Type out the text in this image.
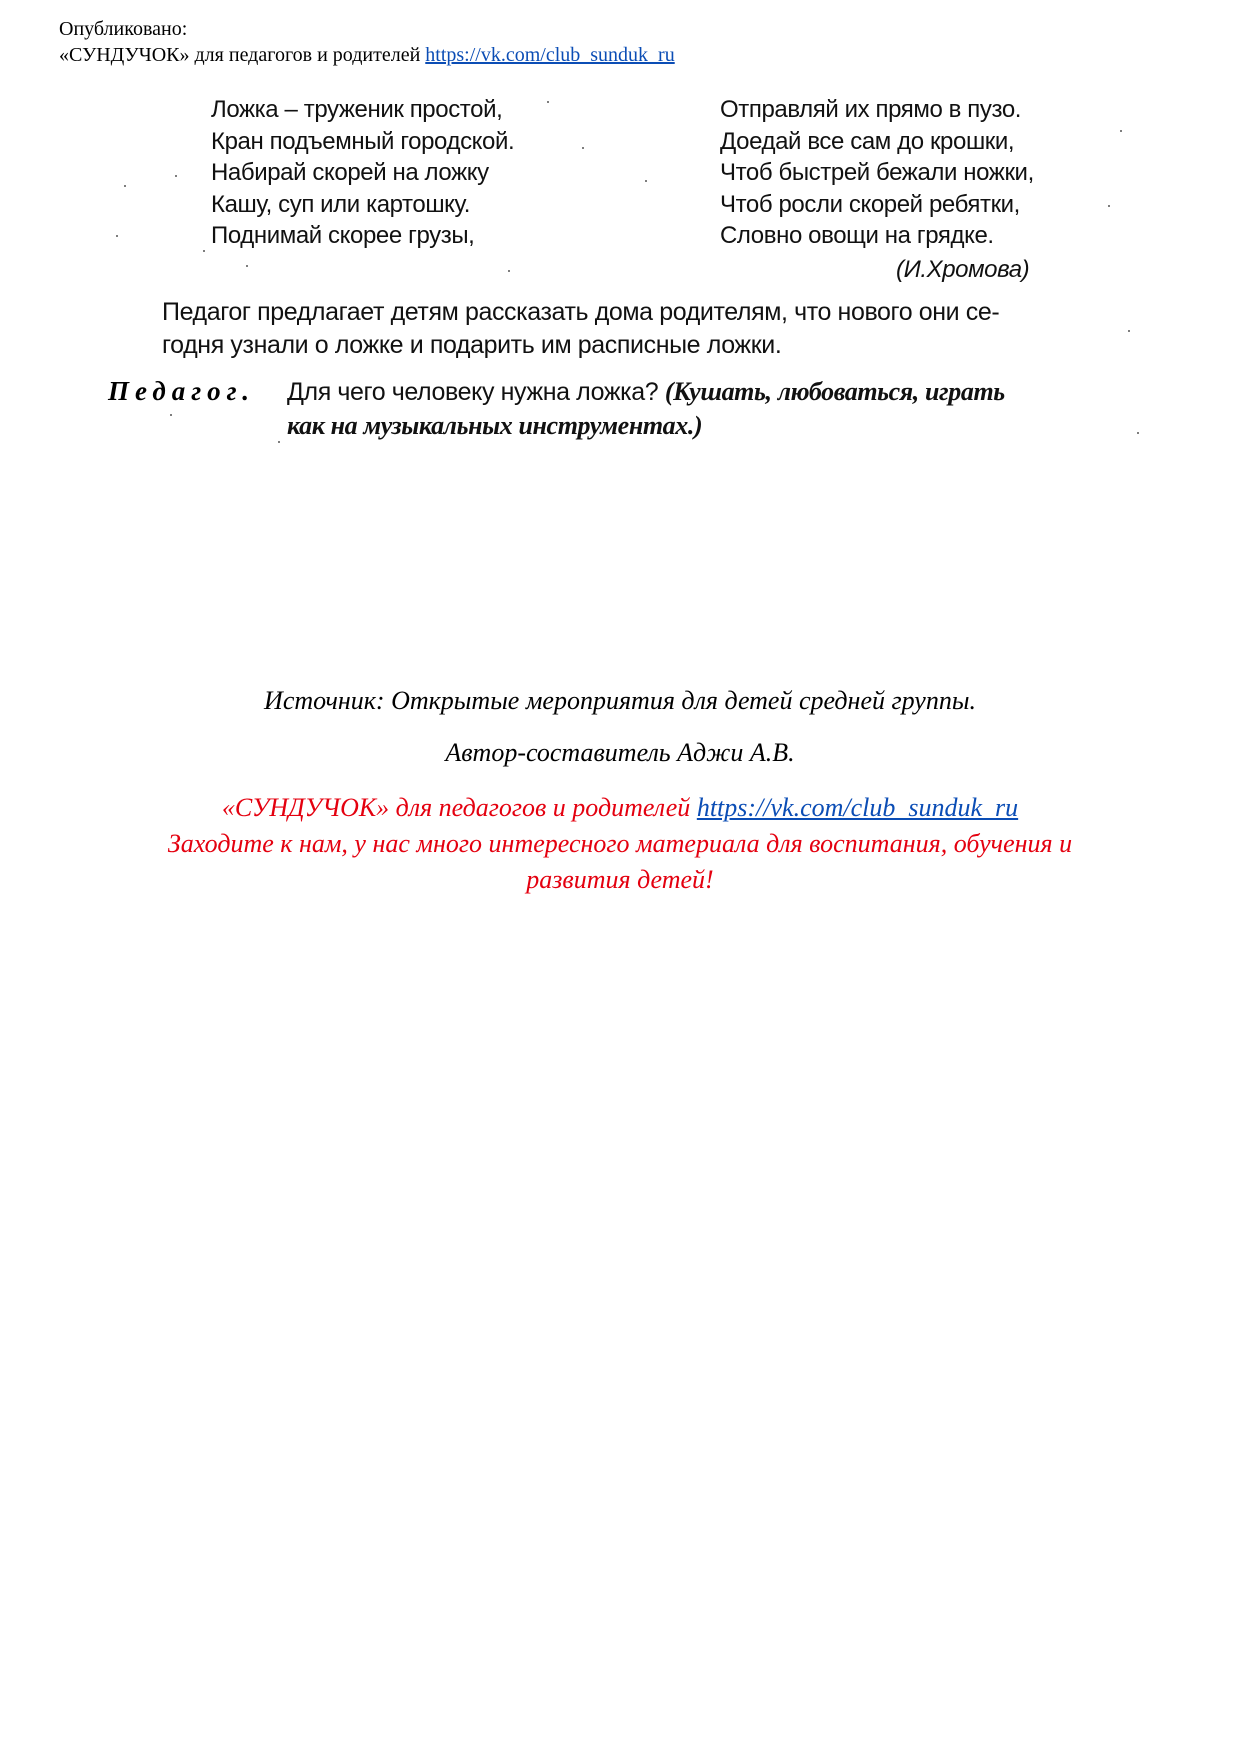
Опубликовано:
«СУНДУЧОК» для педагогов и родителей https://vk.com/club_sunduk_ru
Ложка – труженик простой,
Кран подъемный городской.
Набирай скорей на ложку
Кашу, суп или картошку.
Поднимай скорее грузы,
Отправляй их прямо в пузо.
Доедай все сам до крошки,
Чтоб быстрей бежали ножки,
Чтоб росли скорей ребятки,
Словно овощи на грядке.
(И.Хромова)
Педагог предлагает детям рассказать дома родителям, что нового они се-
годня узнали о ложке и подарить им расписные ложки.
Педагог. Для чего человеку нужна ложка? (Кушать, любоваться, играть
как на музыкальных инструментах.)
Источник: Открытые мероприятия для детей средней группы.
Автор-составитель Аджи А.В.
«СУНДУЧОК» для педагогов и родителей https://vk.com/club_sunduk_ru
Заходите к нам, у нас много интересного материала для воспитания, обучения и
развития детей!
